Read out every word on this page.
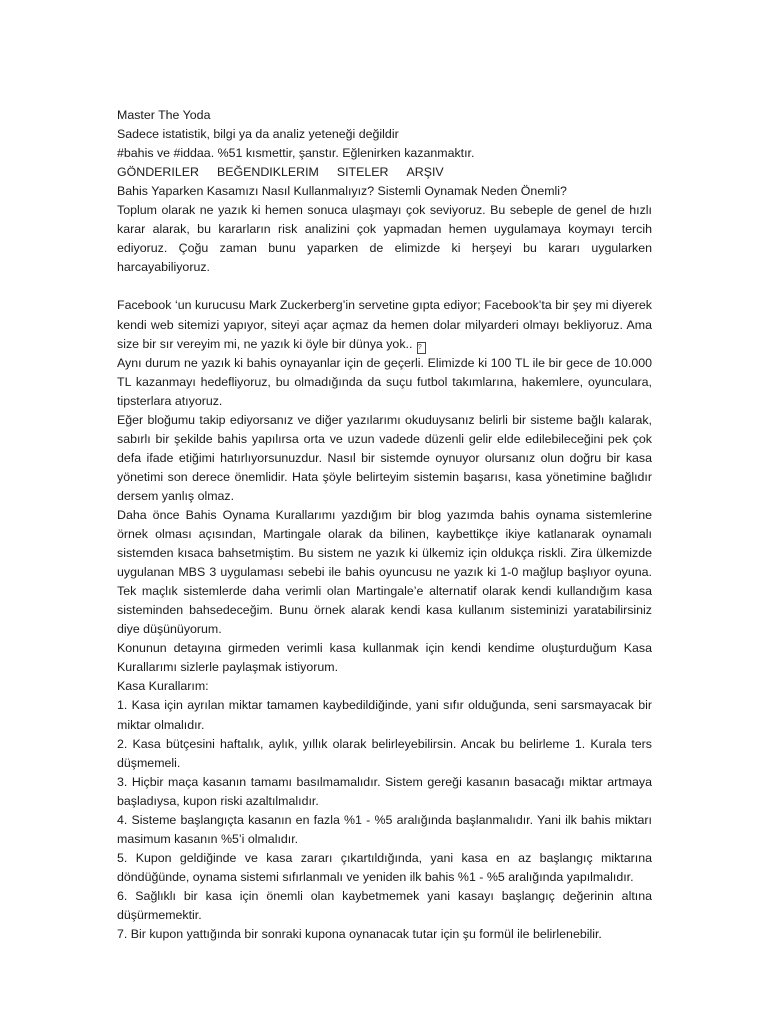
Master The Yoda
Sadece istatistik, bilgi ya da analiz yeteneği değildir
#bahis ve #iddaa. %51 kısmettir, şanstır. Eğlenirken kazanmaktır.
GÖNDERILER BEĞENDIKLERIM SITELER ARŞIV
Bahis Yaparken Kasamızı Nasıl Kullanmalıyız? Sistemli Oynamak Neden Önemli?

Toplum olarak ne yazık ki hemen sonuca ulaşmayı çok seviyoruz. Bu sebeple de genel de hızlı karar alarak, bu kararların risk analizini çok yapmadan hemen uygulamaya koymayı tercih ediyoruz. Çoğu zaman bunu yaparken de elimizde ki herşeyi bu kararı uygularken harcayabiliyoruz.

Facebook ‘un kurucusu Mark Zuckerberg’in servetine gıpta ediyor; Facebook’ta bir şey mi diyerek kendi web sitemizi yapıyor, siteyi açar açmaz da hemen dolar milyarderi olmayı bekliyoruz. Ama size bir sır vereyim mi, ne yazık ki öyle bir dünya yok.. ?

Aynı durum ne yazık ki bahis oynayanlar için de geçerli. Elimizde ki 100 TL ile bir gece de 10.000 TL kazanmayı hedefliyoruz, bu olmadığında da suçu futbol takımlarına, hakemlere, oyunculara, tipsterlara atıyoruz.

Eğer bloğumu takip ediyorsanız ve diğer yazılarımı okuduysanız belirli bir sisteme bağlı kalarak, sabırlı bir şekilde bahis yapılırsa orta ve uzun vadede düzenli gelir elde edilebileceğini pek çok defa ifade etiğimi hatırlıyorsunuzdur. Nasıl bir sistemde oynuyor olursanız olun doğru bir kasa yönetimi son derece önemlidir. Hata şöyle belirteyim sistemin başarısı, kasa yönetimine bağlıdır dersem yanlış olmaz.

Daha önce Bahis Oynama Kurallarımı yazdığım bir blog yazımda bahis oynama sistemlerine örnek olması açısından, Martingale olarak da bilinen, kaybettikçe ikiye katlanarak oynamalı sistemden kısaca bahsetmiştim. Bu sistem ne yazık ki ülkemiz için oldukça riskli. Zira ülkemizde uygulanan MBS 3 uygulaması sebebi ile bahis oyuncusu ne yazık ki 1-0 mağlup başlıyor oyuna. Tek maçlık sistemlerde daha verimli olan Martingale’e alternatif olarak kendi kullandığım kasa sisteminden bahsedeceğim. Bunu örnek alarak kendi kasa kullanım sisteminizi yaratabilirsiniz diye düşünüyorum.

Konunun detayına girmeden verimli kasa kullanmak için kendi kendime oluşturduğum Kasa Kurallarımı sizlerle paylaşmak istiyorum.

Kasa Kurallarım:

1. Kasa için ayrılan miktar tamamen kaybedildiğinde, yani sıfır olduğunda, seni sarsmayacak bir miktar olmalıdır.

2. Kasa bütçesini haftalık, aylık, yıllık olarak belirleyebilirsin. Ancak bu belirleme 1. Kurala ters düşmemeli.

3. Hiçbir maça kasanın tamamı basılmamalıdır. Sistem gereği kasanın basacağı miktar artmaya başladıysa, kupon riski azaltılmalıdır.

4. Sisteme başlangıçta kasanın en fazla %1 - %5 aralığında başlanmalıdır. Yani ilk bahis miktarı masimum kasanın %5’i olmalıdır.

5. Kupon geldiğinde ve kasa zararı çıkartıldığında, yani kasa en az başlangıç miktarına döndüğünde, oynama sistemi sıfırlanmalı ve yeniden ilk bahis %1 - %5 aralığında yapılmalıdır.

6. Sağlıklı bir kasa için önemli olan kaybetmemek yani kasayı başlangıç değerinin altına düşürmemektir.

7. Bir kupon yattığında bir sonraki kupona oynanacak tutar için şu formül ile belirlenebilir.
